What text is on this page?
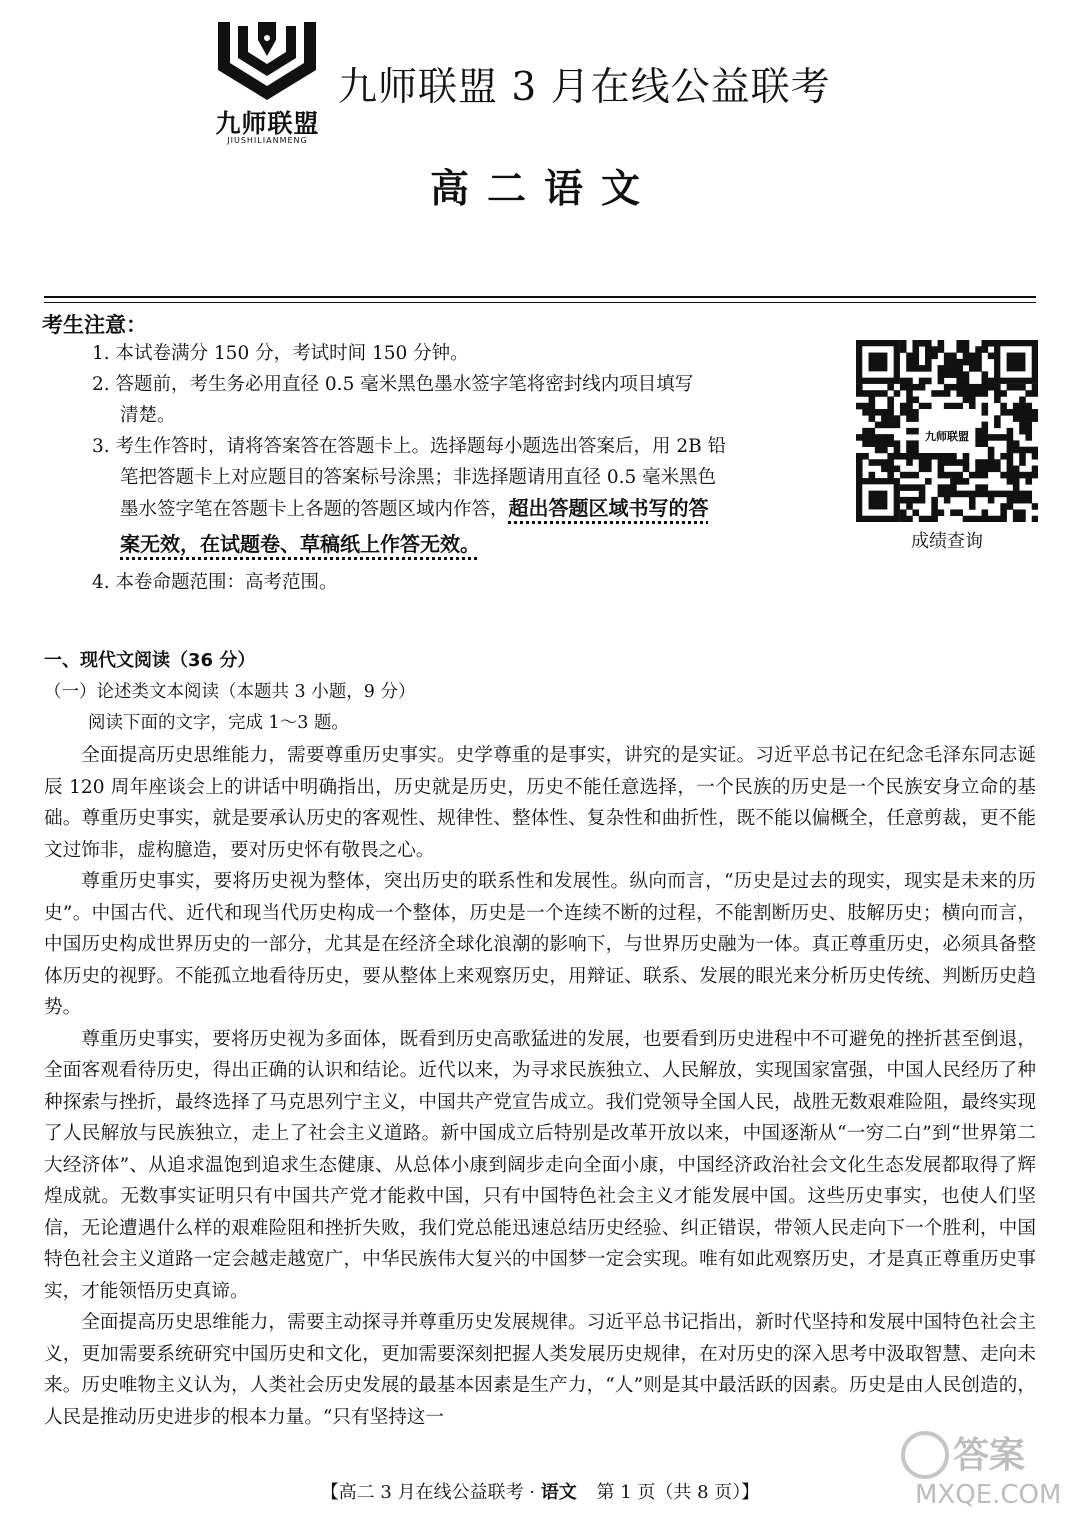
九师联盟
JIUSHILIANMENG
九师联盟 3 月在线公益联考
高二语文
考生注意：

1. 本试卷满分 150 分，考试时间 150 分钟。

2. 答题前，考生务必用直径 0.5 毫米黑色墨水签字笔将密封线内项目填写

清楚。

3. 考生作答时，请将答案答在答题卡上。选择题每小题选出答案后，用 2B 铅

笔把答题卡上对应题目的答案标号涂黑；非选择题请用直径 0.5 毫米黑色

墨水签字笔在答题卡上各题的答题区域内作答，超出答题区域书写的答

案无效，在试题卷、草稿纸上作答无效。

4. 本卷命题范围：高考范围。

九师联盟
成绩查询
一、现代文阅读（36 分）
（一）论述类文本阅读（本题共 3 小题，9 分）
阅读下面的文字，完成 1～3 题。

全面提高历史思维能力，需要尊重历史事实。史学尊重的是事实，讲究的是实证。习近平总书记在纪念毛泽东同志诞辰 120 周年座谈会上的讲话中明确指出，历史就是历史，历史不能任意选择，一个民族的历史是一个民族安身立命的基础。尊重历史事实，就是要承认历史的客观性、规律性、整体性、复杂性和曲折性，既不能以偏概全，任意剪裁，更不能文过饰非，虚构臆造，要对历史怀有敬畏之心。

尊重历史事实，要将历史视为整体，突出历史的联系性和发展性。纵向而言，“历史是过去的现实，现实是未来的历史”。中国古代、近代和现当代历史构成一个整体，历史是一个连续不断的过程，不能割断历史、肢解历史；横向而言，中国历史构成世界历史的一部分，尤其是在经济全球化浪潮的影响下，与世界历史融为一体。真正尊重历史，必须具备整体历史的视野。不能孤立地看待历史，要从整体上来观察历史，用辩证、联系、发展的眼光来分析历史传统、判断历史趋势。

尊重历史事实，要将历史视为多面体，既看到历史高歌猛进的发展，也要看到历史进程中不可避免的挫折甚至倒退，全面客观看待历史，得出正确的认识和结论。近代以来，为寻求民族独立、人民解放，实现国家富强，中国人民经历了种种探索与挫折，最终选择了马克思列宁主义，中国共产党宣告成立。我们党领导全国人民，战胜无数艰难险阻，最终实现了人民解放与民族独立，走上了社会主义道路。新中国成立后特别是改革开放以来，中国逐渐从“一穷二白”到“世界第二大经济体”、从追求温饱到追求生态健康、从总体小康到阔步走向全面小康，中国经济政治社会文化生态发展都取得了辉煌成就。无数事实证明只有中国共产党才能救中国，只有中国特色社会主义才能发展中国。这些历史事实，也使人们坚信，无论遭遇什么样的艰难险阻和挫折失败，我们党总能迅速总结历史经验、纠正错误，带领人民走向下一个胜利，中国特色社会主义道路一定会越走越宽广，中华民族伟大复兴的中国梦一定会实现。唯有如此观察历史，才是真正尊重历史事实，才能领悟历史真谛。

全面提高历史思维能力，需要主动探寻并尊重历史发展规律。习近平总书记指出，新时代坚持和发展中国特色社会主义，更加需要系统研究中国历史和文化，更加需要深刻把握人类发展历史规律，在对历史的深入思考中汲取智慧、走向未来。历史唯物主义认为，人类社会历史发展的最基本因素是生产力，“人”则是其中最活跃的因素。历史是由人民创造的，人民是推动历史进步的根本力量。“只有坚持这一

【高二 3 月在线公益联考 · 语文 第 1 页（共 8 页）】
答案
MXQE.COM
